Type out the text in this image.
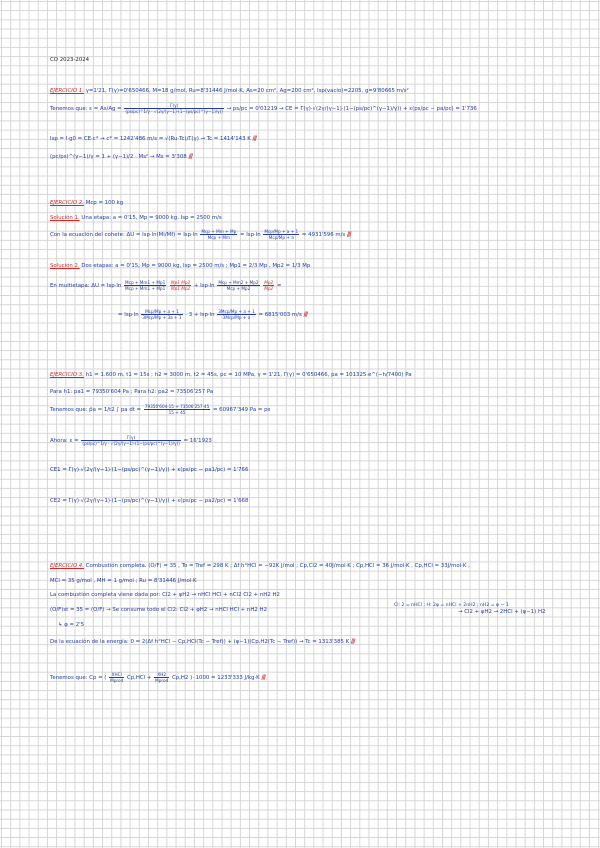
CO 2023-2024
EJERCICIO 1. γ=1'21, Γ(γ)=0'650466, M=18 g/mol, Ru=8'31446 J/mol·K, As=20 cm², Ag=200 cm², Isp(vacío)=2205, g=9'80665 m/s²
Tenemos que: $\varepsilon = As/Ag = \frac{\Gamma(\gamma)}{(ps/pc)\^{}1/\gamma \cdot √(2\gamma/(\gamma-1)\cdot(1-(ps/pc)\^{}(\gamma-1)/\gamma))} \to ps/pc = 0'01219$ → CE = Γ(γ)·√(2γ/(γ−1)·(1−(ps/pc)^(γ−1)/γ)) + ε(ps/pc − pa/pc) = 1'736
Isp = I·g0 = CE·c* → c* = 1242'486 m/s = √(Ru·Tc)/Γ(γ) → Tc = 1414'143 K ///
(pc/ps)^(γ−1)/γ = 1 + (γ−1)/2 · Ms² → Ms = 3'308 ///
EJERCICIO 2. Mcp = 100 kg
Solución 1. Una etapa: a = 0'15, Mp = 9000 kg, Isp = 2500 m/s
Con la ecuación del cohete: $\Delta U = Isp\cdot\ln(Mi/Mf) = Isp\cdot\ln \frac{\text{Mcp + Mm + Mp}}{\text{Mcp + Mm}} = Isp\cdot\ln \frac{\text{Mcp/Mp + a + 1}}{\text{Mcp/Mp + a}} = 4931'596$ m/s ///
Solución 2. Dos etapas: a = 0'15, Mp = 9000 kg, Isp = 2500 m/s ; Mp1 = 2/3 Mp , Mp2 = 1/3 Mp
En multietapa: $\Delta U = Isp\cdot\ln \frac{\text{Mcp + Mm1 + Mp1}}{\text{Mcp + Mm1 + Mp1}}$
$\frac{Mp1 Mp2}{Mp1 Mp2} + Isp\cdot\ln \frac{\text{Mcp + Mm2 + Mp2}}{\text{Mcp + Mp2}}$
$\frac{Mp2}{Mp2}$ =
= $Isp\cdot\ln \frac{\text{Mcp/Mp + a + 1}}{\text{3Mcp/Mp + 3a + 1}} \cdot 3 + Isp\cdot\ln \frac{\text{3Mcp/Mp + a + 1}}{\text{3Mcp/Mp + a}} = 6815'003$ m/s ///
EJERCICIO 3. h1 = 1.600 m, t1 = 15s ; h2 = 3000 m, t2 = 45s, pc = 10 MPa, γ = 1'21, Γ(γ) = 0'650466, pa = 101325·e^(−h/7400) Pa
Para h1: pa1 = 79350'604 Pa ; Para h2: pa2 = 73506'257 Pa
Tenemos que: p̄a = 1/t2 ∫ pa dt = $\frac{79350'604\cdot 15 + 73506'257\cdot 45}{15 + 45} = 60967'349$ Pa = ps
Ahora: $\varepsilon = \frac{\Gamma(\gamma)}{(ps/pc)\^{}1/\gamma \cdot √(2\gamma/(\gamma-1)\cdot(1-(ps/pc)\^{}(\gamma-1)/\gamma))} = 16'1923$
CE1 = Γ(γ)·√(2γ/(γ−1)·(1−(ps/pc)^(γ−1)/γ)) + ε(ps/pc − pa1/pc) = 1'766
CE2 = Γ(γ)·√(2γ/(γ−1)·(1−(ps/pc)^(γ−1)/γ)) + ε(ps/pc − pa2/pc) = 1'668
EJERCICIO 4. Combustión completa. (O/F) = 35 , To = Tref = 298 K ; Δf h°HCl = −92K J/mol ; Cp,Cl2 = 40J/mol·K ; Cp,HCl = 36 J/mol·K , Cp,HCl = 33J/mol·K ,
MCl = 35 g/mol , MH = 1 g/mol ; Ru = 8'31446 J/mol·K
La combustión completa viene dada por: Cl2 + φH2 → nHCl HCl + nCl2 Cl2 + nH2 H2
(O/F)st = 35 = (O/F) → Se consume todo el Cl2: Cl2 + φH2 → nHCl HCl + nH2 H2
Cl: 2 = nHCl ; H: 2φ = nHCl + 2nH2 ; nH2 = φ − 1
→ Cl2 + φH2 → 2HCl + (φ−1) H2
↳ φ = 2'5
De la ecuación de la energía: 0 = 2(Δf h°HCl − Cp,HCl(Tc − Tref)) + (φ−1)(Cp,H2(Tc − Tref)) → Tc = 1313'385 K ///
Tenemos que: Cp = ( $\frac{\text{XHCl}}{\text{Mprod}} Cp,HCl + \frac{XH2}{\text{Mprod}} Cp,H2$ )· 1000 = 1233'333 J/kg·K ///
